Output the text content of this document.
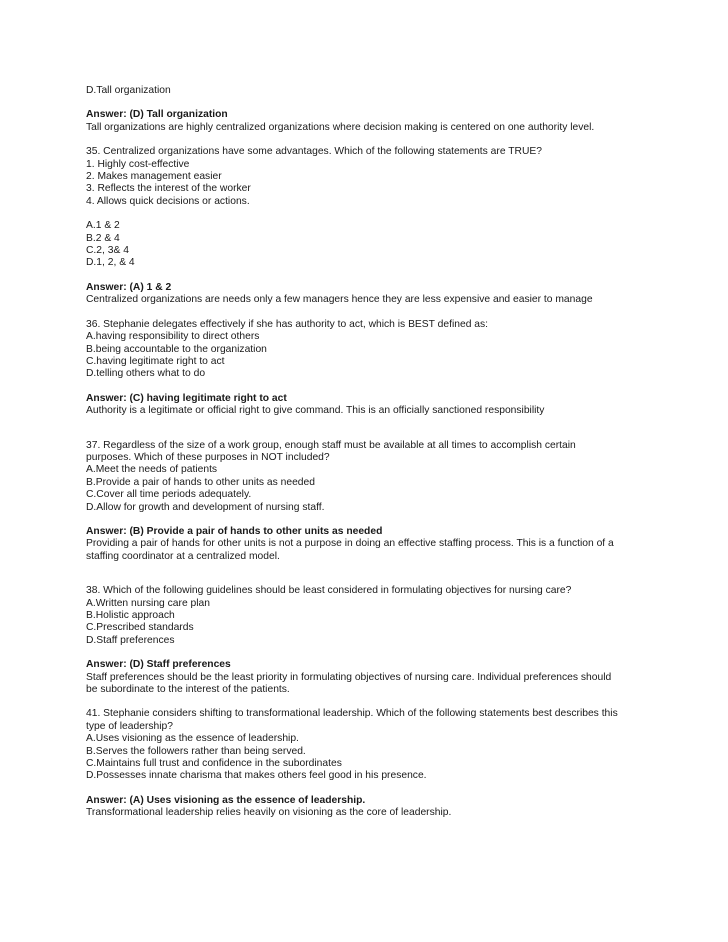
D.Tall organization
Answer: (D) Tall organization
Tall organizations are highly centralized organizations where decision making is centered on one authority level.
35. Centralized organizations have some advantages. Which of the following statements are TRUE?
1. Highly cost-effective
2. Makes management easier
3. Reflects the interest of the worker
4. Allows quick decisions or actions.
A.1 & 2
B.2 & 4
C.2, 3& 4
D.1, 2, & 4
Answer: (A) 1 & 2
Centralized organizations are needs only a few managers hence they are less expensive and easier to manage
36. Stephanie delegates effectively if she has authority to act, which is BEST defined as:
A.having responsibility to direct others
B.being accountable to the organization
C.having legitimate right to act
D.telling others what to do
Answer: (C) having legitimate right to act
Authority is a legitimate or official right to give command. This is an officially sanctioned responsibility
37. Regardless of the size of a work group, enough staff must be available at all times to accomplish certain
purposes. Which of these purposes in NOT included?
A.Meet the needs of patients
B.Provide a pair of hands to other units as needed
C.Cover all time periods adequately.
D.Allow for growth and development of nursing staff.
Answer: (B) Provide a pair of hands to other units as needed
Providing a pair of hands for other units is not a purpose in doing an effective staffing process. This is a function of a
staffing coordinator at a centralized model.
38. Which of the following guidelines should be least considered in formulating objectives for nursing care?
A.Written nursing care plan
B.Holistic approach
C.Prescribed standards
D.Staff preferences
Answer: (D) Staff preferences
Staff preferences should be the least priority in formulating objectives of nursing care. Individual preferences should
be subordinate to the interest of the patients.
41. Stephanie considers shifting to transformational leadership. Which of the following statements best describes this
type of leadership?
A.Uses visioning as the essence of leadership.
B.Serves the followers rather than being served.
C.Maintains full trust and confidence in the subordinates
D.Possesses innate charisma that makes others feel good in his presence.
Answer: (A) Uses visioning as the essence of leadership.
Transformational leadership relies heavily on visioning as the core of leadership.
